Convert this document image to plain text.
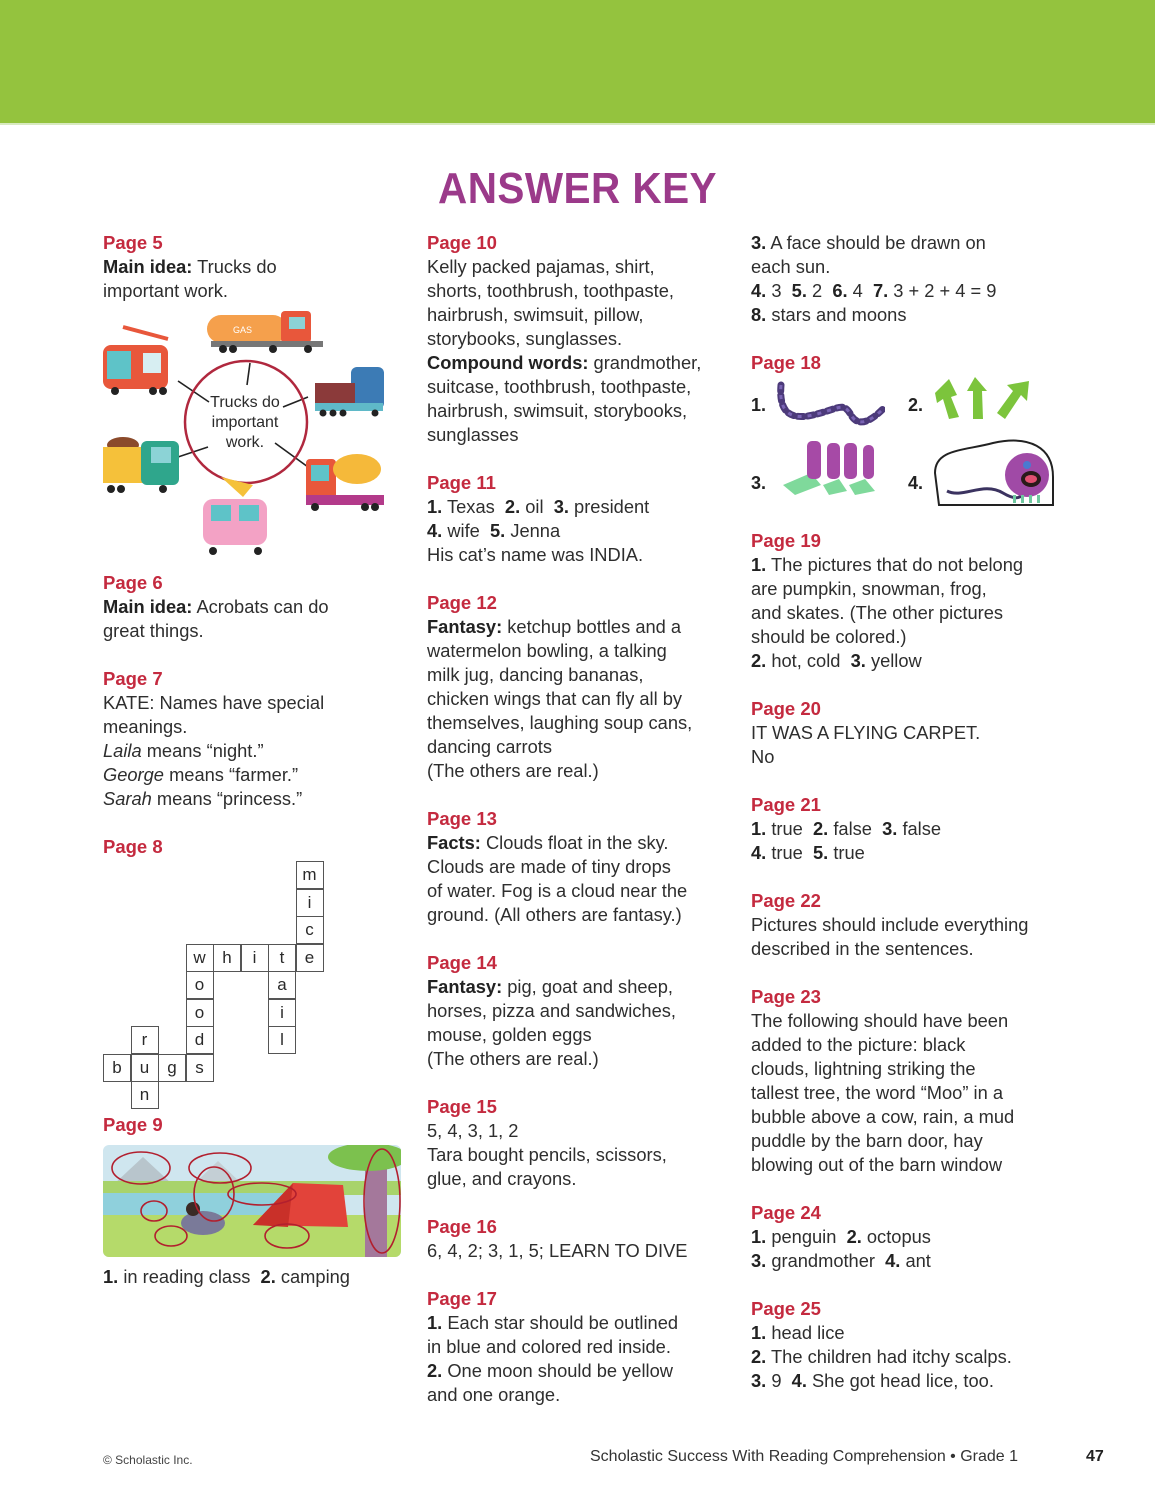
ANSWER KEY
Page 5
Main idea: Trucks do
important work.
GAS
Trucks do
important
work.
Page 6
Main idea: Acrobats can do
great things.
Page 7
KATE: Names have special
meanings.
Laila means “night.”
George means “farmer.”
Sarah means “princess.”
Page 8
m
i
c
e
w h	i	t
o
o
d
s
a
i
l
b	u	g
r
n
Page 9
1. in reading class 2. camping
Page 10
Kelly packed pajamas, shirt,
shorts, toothbrush, toothpaste,
hairbrush, swimsuit, pillow,
storybooks, sunglasses.
Compound words: grandmother,
suitcase, toothbrush, toothpaste,
hairbrush, swimsuit, storybooks,
sunglasses
Page 11
1. Texas  2. oil  3. president
4. wife  5. Jenna
His cat’s name was INDIA.
Page 12
Fantasy: ketchup bottles and a
watermelon bowling, a talking
milk jug, dancing bananas,
chicken wings that can fly all by
themselves, laughing soup cans,
dancing carrots
(The others are real.)
Page 13
Facts: Clouds float in the sky.
Clouds are made of tiny drops
of water. Fog is a cloud near the
ground. (All others are fantasy.)
Page 14
Fantasy: pig, goat and sheep,
horses, pizza and sandwiches,
mouse, golden eggs
(The others are real.)
Page 15
5, 4, 3, 1, 2
Tara bought pencils, scissors,
glue, and crayons.
Page 16
6, 4, 2; 3, 1, 5; LEARN TO DIVE
Page 17
1. Each star should be outlined
in blue and colored red inside.
2. One moon should be yellow
and one orange.
3. A face should be drawn on
each sun.
4. 3  5. 2  6. 4  7. 3 + 2 + 4 = 9
8. stars and moons
Page 18
1.	2.
3.	4.
Page 19
1. The pictures that do not belong
are pumpkin, snowman, frog,
and skates. (The other pictures
should be colored.)
2. hot, cold  3. yellow
Page 20
IT WAS A FLYING CARPET.
No
Page 21
1. true  2. false  3. false
4. true  5. true
Page 22
Pictures should include everything
described in the sentences.
Page 23
The following should have been
added to the picture: black
clouds, lightning striking the
tallest tree, the word “Moo” in a
bubble above a cow, rain, a mud
puddle by the barn door, hay
blowing out of the barn window
Page 24
1. penguin  2. octopus
3. grandmother  4. ant
Page 25
1. head lice
2. The children had itchy scalps.
3. 9  4. She got head lice, too.
© Scholastic Inc.	Scholastic Success With Reading Comprehension • Grade 1	47
